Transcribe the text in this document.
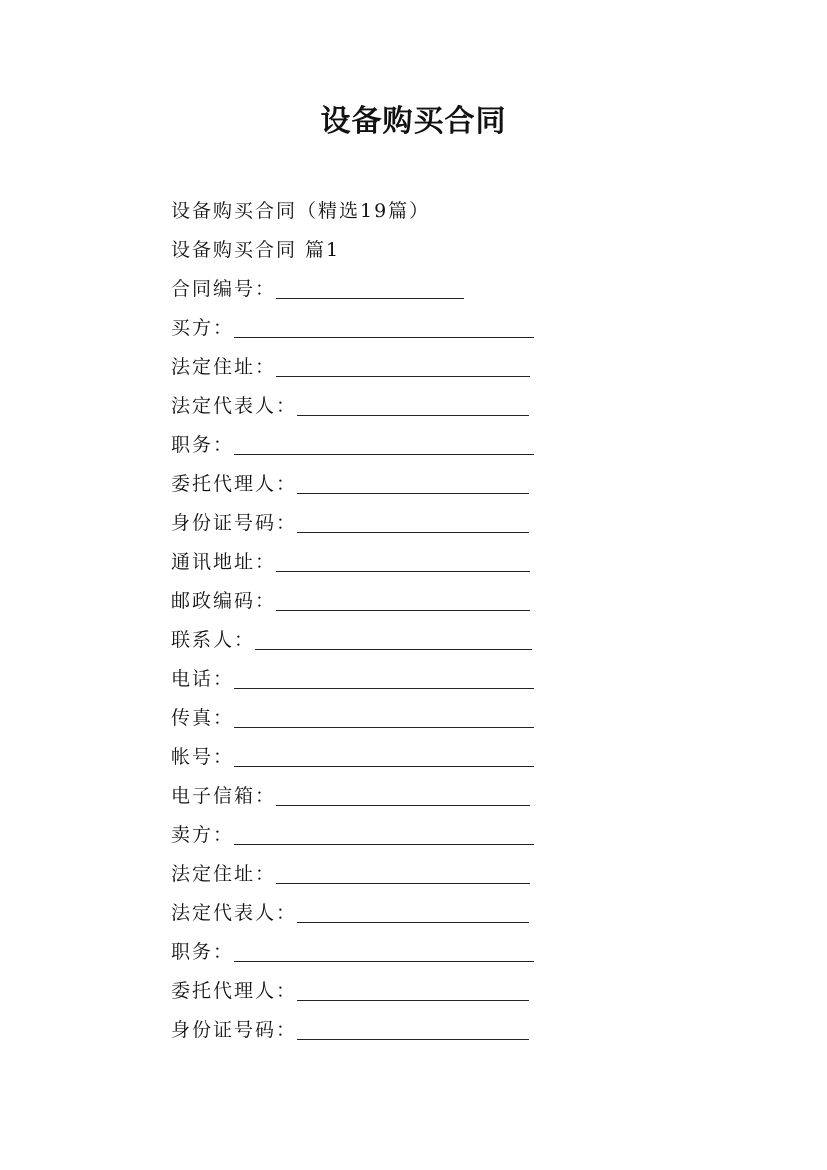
设备购买合同
设备购买合同（精选19篇）
设备购买合同 篇1
合同编号：
买方：
法定住址：
法定代表人：
职务：
委托代理人：
身份证号码：
通讯地址：
邮政编码：
联系人：
电话：
传真：
帐号：
电子信箱：
卖方：
法定住址：
法定代表人：
职务：
委托代理人：
身份证号码：
